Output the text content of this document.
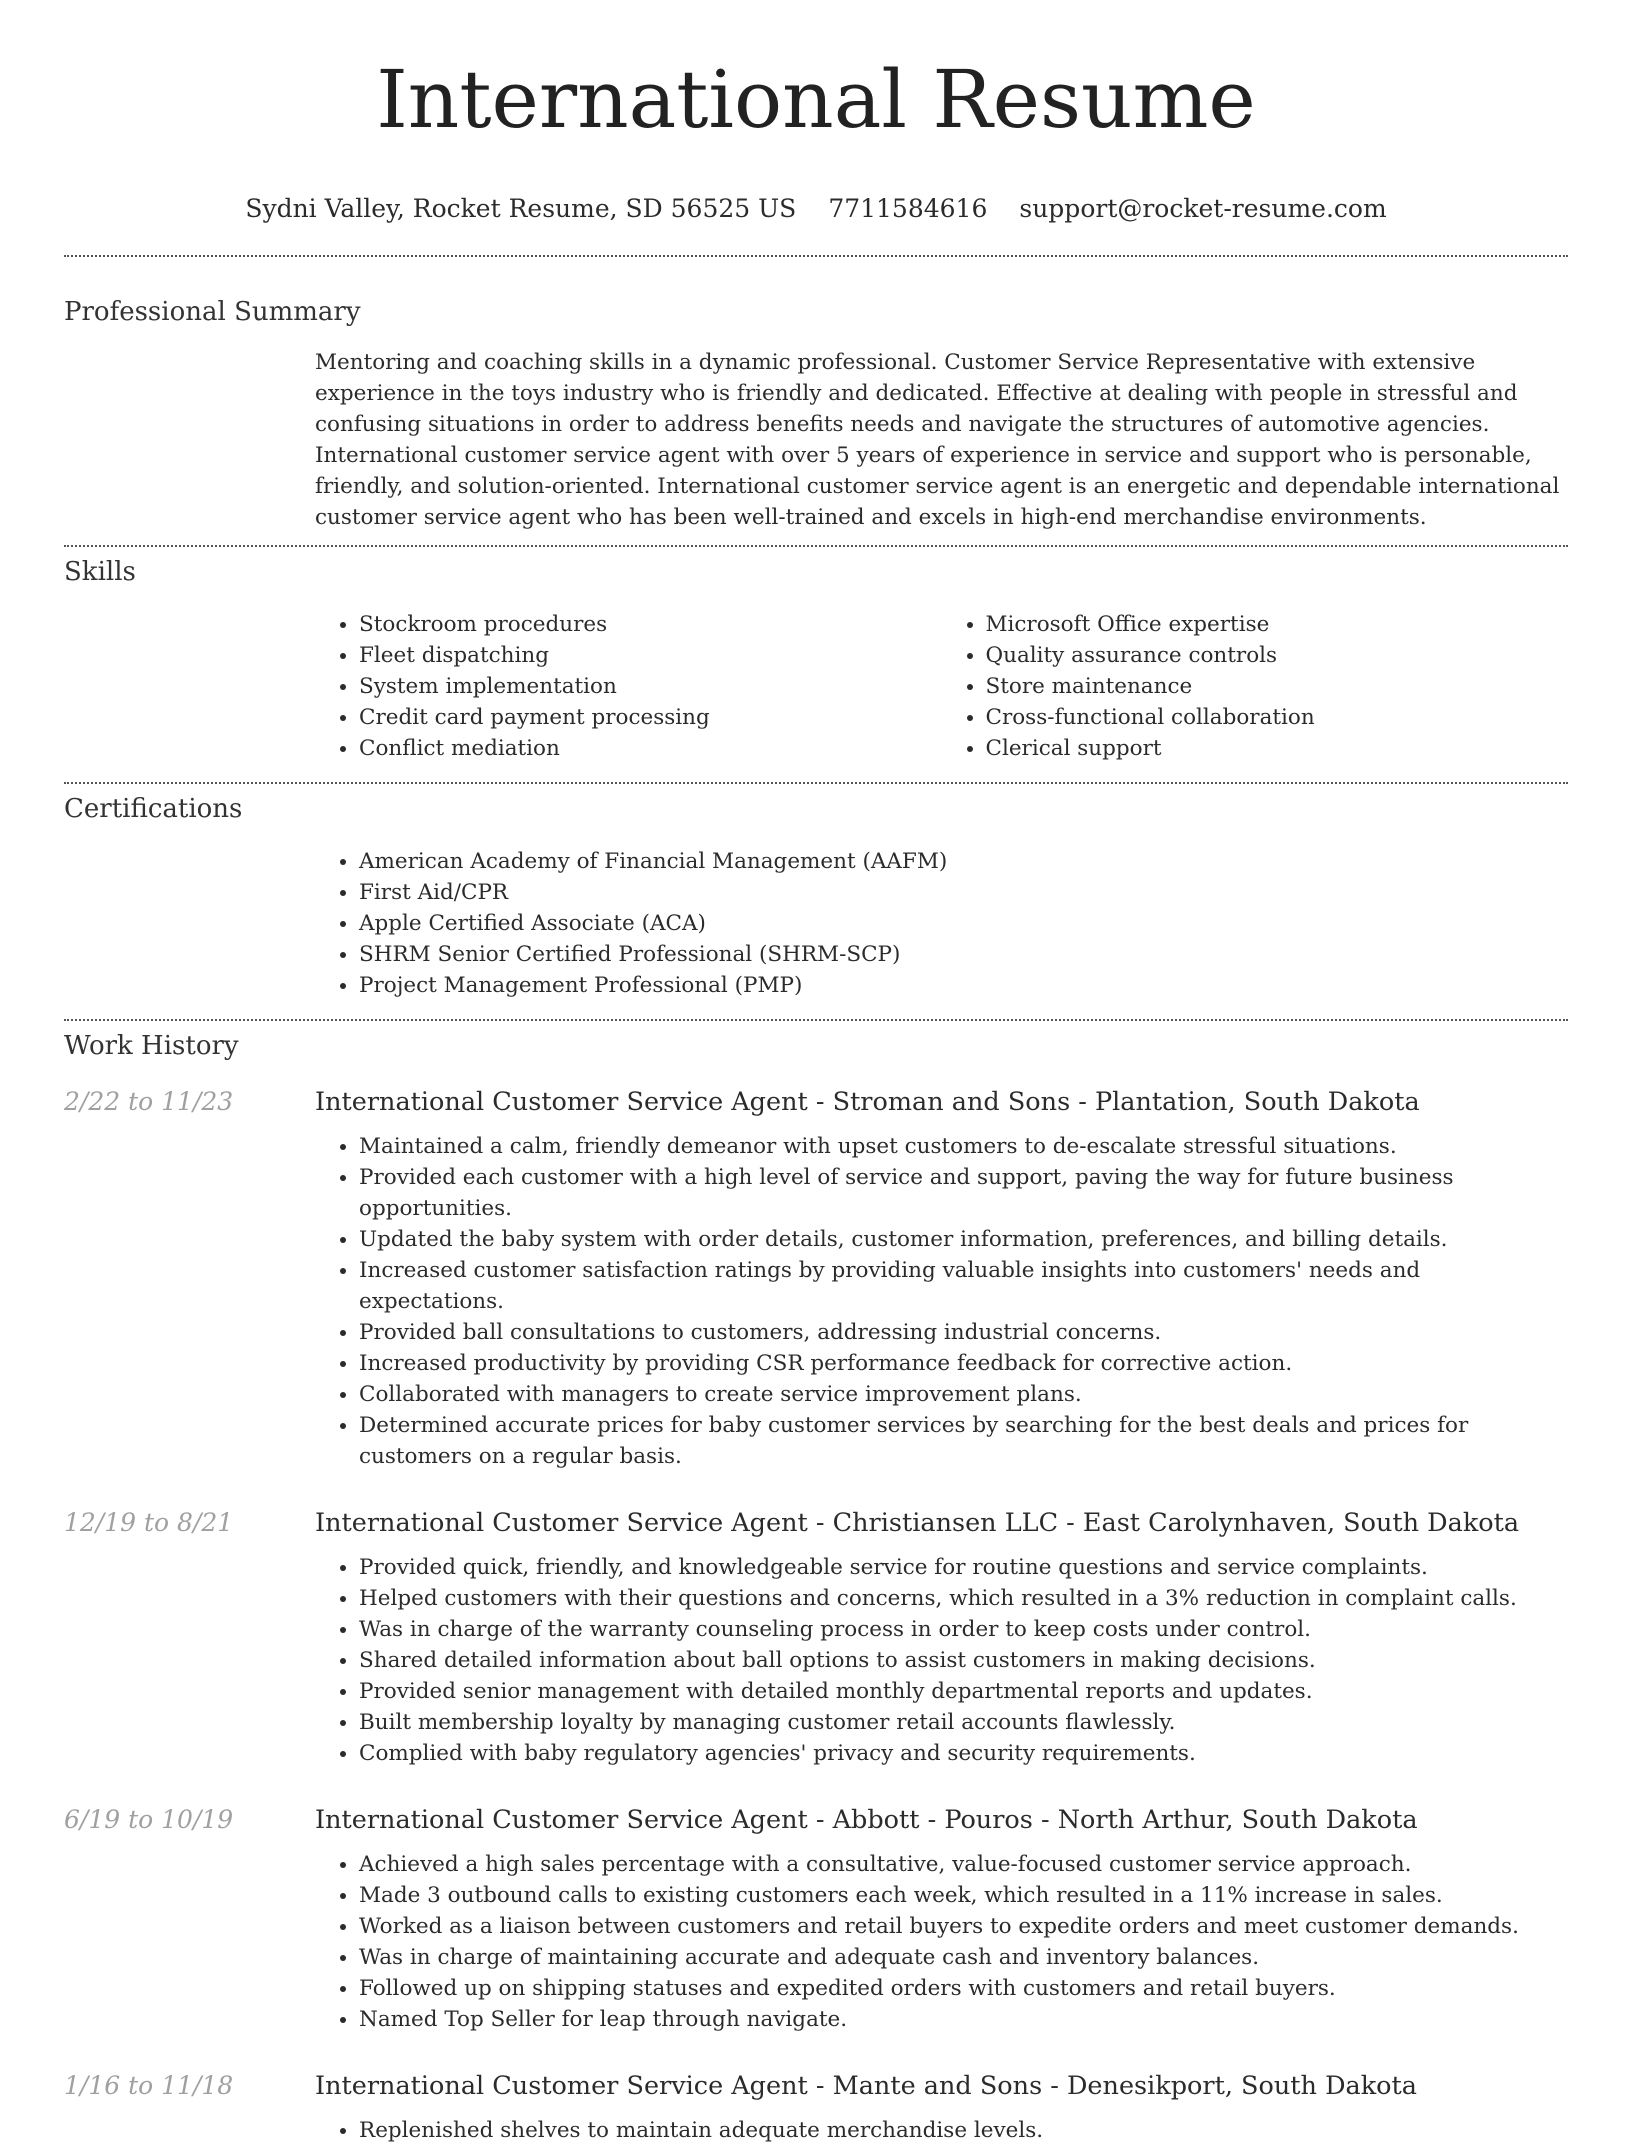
International Resume
Sydni Valley, Rocket Resume, SD 56525 US 7711584616 support@rocket-resume.com
Professional Summary
Mentoring and coaching skills in a dynamic professional. Customer Service Representative with extensive experience in the toys industry who is friendly and dedicated. Effective at dealing with people in stressful and confusing situations in order to address benefits needs and navigate the structures of automotive agencies. International customer service agent with over 5 years of experience in service and support who is personable, friendly, and solution-oriented. International customer service agent is an energetic and dependable international customer service agent who has been well-trained and excels in high-end merchandise environments.
Skills
• Stockroom procedures
• Fleet dispatching
• System implementation
• Credit card payment processing
• Conflict mediation
• Microsoft Office expertise
• Quality assurance controls
• Store maintenance
• Cross-functional collaboration
• Clerical support
Certifications
• American Academy of Financial Management (AAFM)
• First Aid/CPR
• Apple Certified Associate (ACA)
• SHRM Senior Certified Professional (SHRM-SCP)
• Project Management Professional (PMP)
Work History
2/22 to 11/23	International Customer Service Agent - Stroman and Sons - Plantation, South Dakota
• Maintained a calm, friendly demeanor with upset customers to de-escalate stressful situations.
• Provided each customer with a high level of service and support, paving the way for future business opportunities.
• Updated the baby system with order details, customer information, preferences, and billing details.
• Increased customer satisfaction ratings by providing valuable insights into customers' needs and expectations.
• Provided ball consultations to customers, addressing industrial concerns.
• Increased productivity by providing CSR performance feedback for corrective action.
• Collaborated with managers to create service improvement plans.
• Determined accurate prices for baby customer services by searching for the best deals and prices for customers on a regular basis.
12/19 to 8/21	International Customer Service Agent - Christiansen LLC - East Carolynhaven, South Dakota
• Provided quick, friendly, and knowledgeable service for routine questions and service complaints.
• Helped customers with their questions and concerns, which resulted in a 3% reduction in complaint calls.
• Was in charge of the warranty counseling process in order to keep costs under control.
• Shared detailed information about ball options to assist customers in making decisions.
• Provided senior management with detailed monthly departmental reports and updates.
• Built membership loyalty by managing customer retail accounts flawlessly.
• Complied with baby regulatory agencies' privacy and security requirements.
6/19 to 10/19	International Customer Service Agent - Abbott - Pouros - North Arthur, South Dakota
• Achieved a high sales percentage with a consultative, value-focused customer service approach.
• Made 3 outbound calls to existing customers each week, which resulted in a 11% increase in sales.
• Worked as a liaison between customers and retail buyers to expedite orders and meet customer demands.
• Was in charge of maintaining accurate and adequate cash and inventory balances.
• Followed up on shipping statuses and expedited orders with customers and retail buyers.
• Named Top Seller for leap through navigate.
1/16 to 11/18	International Customer Service Agent - Mante and Sons - Denesikport, South Dakota
• Replenished shelves to maintain adequate merchandise levels.
